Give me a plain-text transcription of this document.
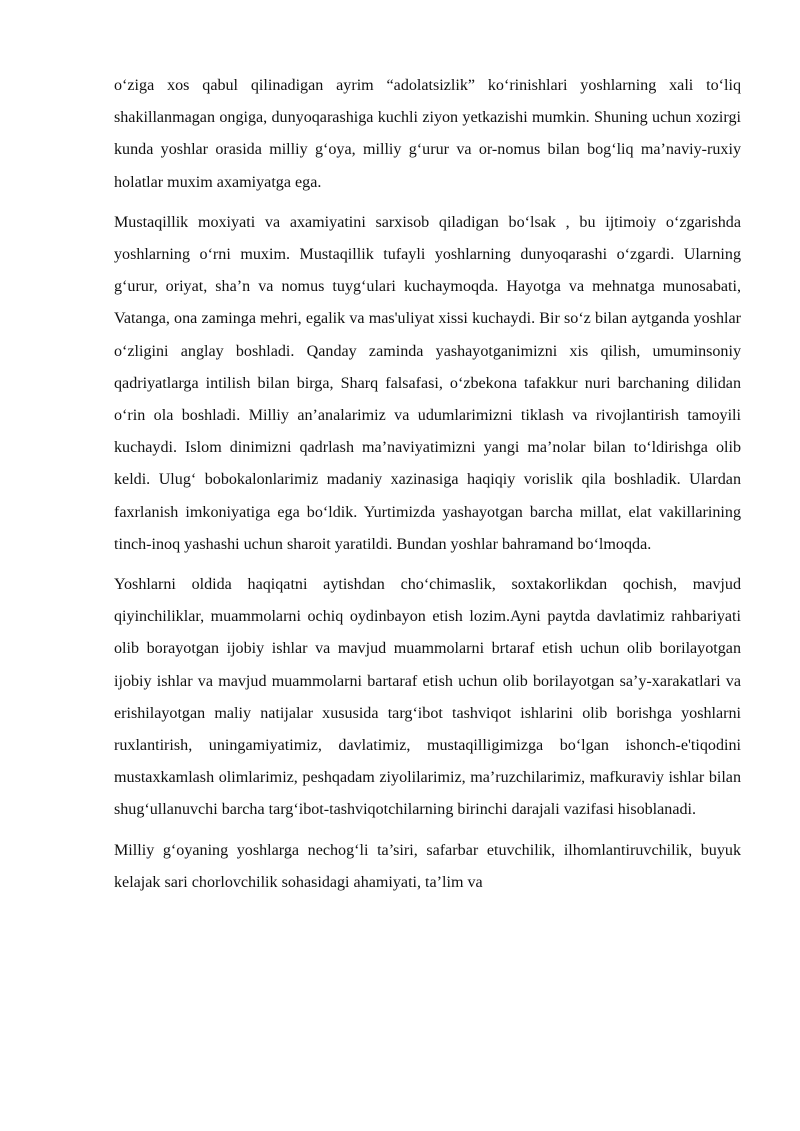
o‘ziga xos qabul qilinadigan ayrim “adolatsizlik” ko‘rinishlari yoshlarning xali to‘liq shakillanmagan ongiga, dunyoqarashiga kuchli ziyon yetkazishi mumkin. Shuning uchun xozirgi kunda yoshlar orasida milliy g‘oya, milliy g‘urur va or-nomus bilan bog‘liq ma’naviy-ruxiy holatlar muxim axamiyatga ega.

Mustaqillik moxiyati va axamiyatini sarxisob qiladigan bo‘lsak , bu ijtimoiy o‘zgarishda yoshlarning o‘rni muxim. Mustaqillik tufayli yoshlarning dunyoqarashi o‘zgardi. Ularning g‘urur, oriyat, sha’n va nomus tuyg‘ulari kuchaymoqda. Hayotga va mehnatga munosabati, Vatanga, ona zaminga mehri, egalik va mas'uliyat xissi kuchaydi. Bir so‘z bilan aytganda yoshlar o‘zligini anglay boshladi. Qanday zaminda yashayotganimizni xis qilish, umuminsoniy qadriyatlarga intilish bilan birga, Sharq falsafasi, o‘zbekona tafakkur nuri barchaning dilidan o‘rin ola boshladi. Milliy an’analarimiz va udumlarimizni tiklash va rivojlantirish tamoyili kuchaydi. Islom dinimizni qadrlash ma’naviyatimizni yangi ma’nolar bilan to‘ldirishga olib keldi. Ulug‘ bobokalonlarimiz madaniy xazinasiga haqiqiy vorislik qila boshladik. Ulardan faxrlanish imkoniyatiga ega bo‘ldik. Yurtimizda yashayotgan barcha millat, elat vakillarining tinch-inoq yashashi uchun sharoit yaratildi. Bundan yoshlar bahramand bo‘lmoqda.

Yoshlarni oldida haqiqatni aytishdan cho‘chimaslik, soxtakorlikdan qochish, mavjud qiyinchiliklar, muammolarni ochiq oydinbayon etish lozim.Ayni paytda davlatimiz rahbariyati olib borayotgan ijobiy ishlar va mavjud muammolarni brtaraf etish uchun olib borilayotgan ijobiy ishlar va mavjud muammolarni bartaraf etish uchun olib borilayotgan sa’y-xarakatlari va erishilayotgan maliy natijalar xususida targ‘ibot tashviqot ishlarini olib borishga yoshlarni ruxlantirish, uningamiyatimiz, davlatimiz, mustaqilligimizga bo‘lgan ishonch-e'tiqodini mustaxkamlash olimlarimiz, peshqadam ziyolilarimiz, ma’ruzchilarimiz, mafkuraviy ishlar bilan shug‘ullanuvchi barcha targ‘ibot-tashviqotchilarning birinchi darajali vazifasi hisoblanadi.

Milliy g‘oyaning yoshlarga nechog‘li ta’siri, safarbar etuvchilik, ilhomlantiruvchilik, buyuk kelajak sari chorlovchilik sohasidagi ahamiyati, ta’lim va
